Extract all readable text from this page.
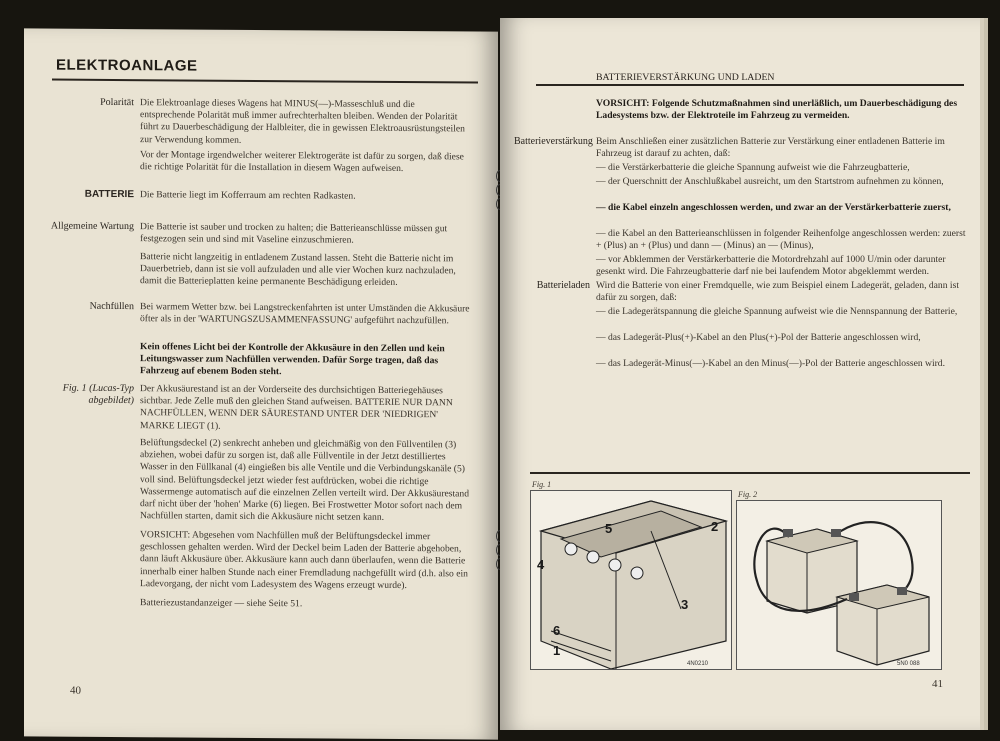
ELEKTROANLAGE
Polarität Die Elektroanlage dieses Wagens hat MINUS(—)-Masseschluß und die entsprechende Polarität muß immer aufrechterhalten bleiben. Wenden der Polarität führt zu Dauerbeschädigung der Halbleiter, die in gewissen Elektroausrüstungsteilen zur Verwendung kommen.
Vor der Montage irgendwelcher weiterer Elektrogeräte ist dafür zu sorgen, daß diese die richtige Polarität für die Installation in diesem Wagen aufweisen.
BATTERIE Die Batterie liegt im Kofferraum am rechten Radkasten.
Allgemeine Wartung Die Batterie ist sauber und trocken zu halten; die Batterieanschlüsse müssen gut festgezogen sein und sind mit Vaseline einzuschmieren.
Batterie nicht langzeitig in entladenem Zustand lassen. Steht die Batterie nicht im Dauerbetrieb, dann ist sie voll aufzuladen und alle vier Wochen kurz nachzuladen, damit die Batterieplatten keine permanente Beschädigung erleiden.
Nachfüllen Bei warmem Wetter bzw. bei Langstreckenfahrten ist unter Umständen die Akkusäure öfter als in der 'WARTUNGSZUSAMMENFASSUNG' aufgeführt nachzufüllen.
Kein offenes Licht bei der Kontrolle der Akkusäure in den Zellen und kein Leitungswasser zum Nachfüllen verwenden. Dafür Sorge tragen, daß das Fahrzeug auf ebenem Boden steht.
Fig. 1 (Lucas-Typ abgebildet)
Der Akkusäurestand ist an der Vorderseite des durchsichtigen Batteriegehäuses sichtbar. Jede Zelle muß den gleichen Stand aufweisen. BATTERIE NUR DANN NACHFÜLLEN, WENN DER SÄURESTAND UNTER DER 'NIEDRIGEN' MARKE LIEGT (1).
Belüftungsdeckel (2) senkrecht anheben und gleichmäßig von den Füllventilen (3) abziehen, wobei dafür zu sorgen ist, daß alle Füllventile in der Jetzt destilliertes Wasser in den Füllkanal (4) eingießen bis alle Ventile und die Verbindungskanäle (5) voll sind. Belüftungsdeckel jetzt wieder fest aufdrücken, wobei die richtige Wassermenge automatisch auf die einzelnen Zellen verteilt wird. Der Akkusäurestand darf nicht über der 'hohen' Marke (6) liegen. Bei Frostwetter Motor sofort nach dem Nachfüllen starten, damit sich die Akkusäure nicht setzen kann.
VORSICHT: Abgesehen vom Nachfüllen muß der Belüftungsdeckel immer geschlossen gehalten werden. Wird der Deckel beim Laden der Batterie abgehoben, dann läuft Akkusäure über. Akkusäure kann auch dann überlaufen, wenn die Batterie innerhalb einer halben Stunde nach einer Fremdladung nachgefüllt wird (d.h. also ein Ladevorgang, der nicht vom Ladesystem des Wagens erzeugt wurde).
Batteriezustandanzeiger — siehe Seite 51.
40
BATTERIEVERSTÄRKUNG UND LADEN
VORSICHT: Folgende Schutzmaßnahmen sind unerläßlich, um Dauerbeschädigung des Ladesystems bzw. der Elektroteile im Fahrzeug zu vermeiden.
Batterieverstärkung Beim Anschließen einer zusätzlichen Batterie zur Verstärkung einer entladenen Batterie im Fahrzeug ist darauf zu achten, daß:
— die Verstärkerbatterie die gleiche Spannung aufweist wie die Fahrzeugbatterie,
— der Querschnitt der Anschlußkabel ausreicht, um den Startstrom aufnehmen zu können,
— die Kabel einzeln angeschlossen werden, und zwar an der Verstärkerbatterie zuerst,
— die Kabel an den Batterieanschlüssen in folgender Reihenfolge angeschlossen werden: zuerst + (Plus) an + (Plus) und dann — (Minus) an — (Minus),
— vor Abklemmen der Verstärkerbatterie die Motordrehzahl auf 1000 U/min oder darunter gesenkt wird. Die Fahrzeugbatterie darf nie bei laufendem Motor abgeklemmt werden.
Batterieladen Wird die Batterie von einer Fremdquelle, wie zum Beispiel einem Ladegerät, geladen, dann ist dafür zu sorgen, daß:
— die Ladegerätspannung die gleiche Spannung aufweist wie die Nennspannung der Batterie,
— das Ladegerät-Plus(+)-Kabel an den Plus(+)-Pol der Batterie angeschlossen wird,
— das Ladegerät-Minus(—)-Kabel an den Minus(—)-Pol der Batterie angeschlossen wird.
Fig. 1
2
3
4
5
6
1
4N0210
Fig. 2
5N0 088
41
